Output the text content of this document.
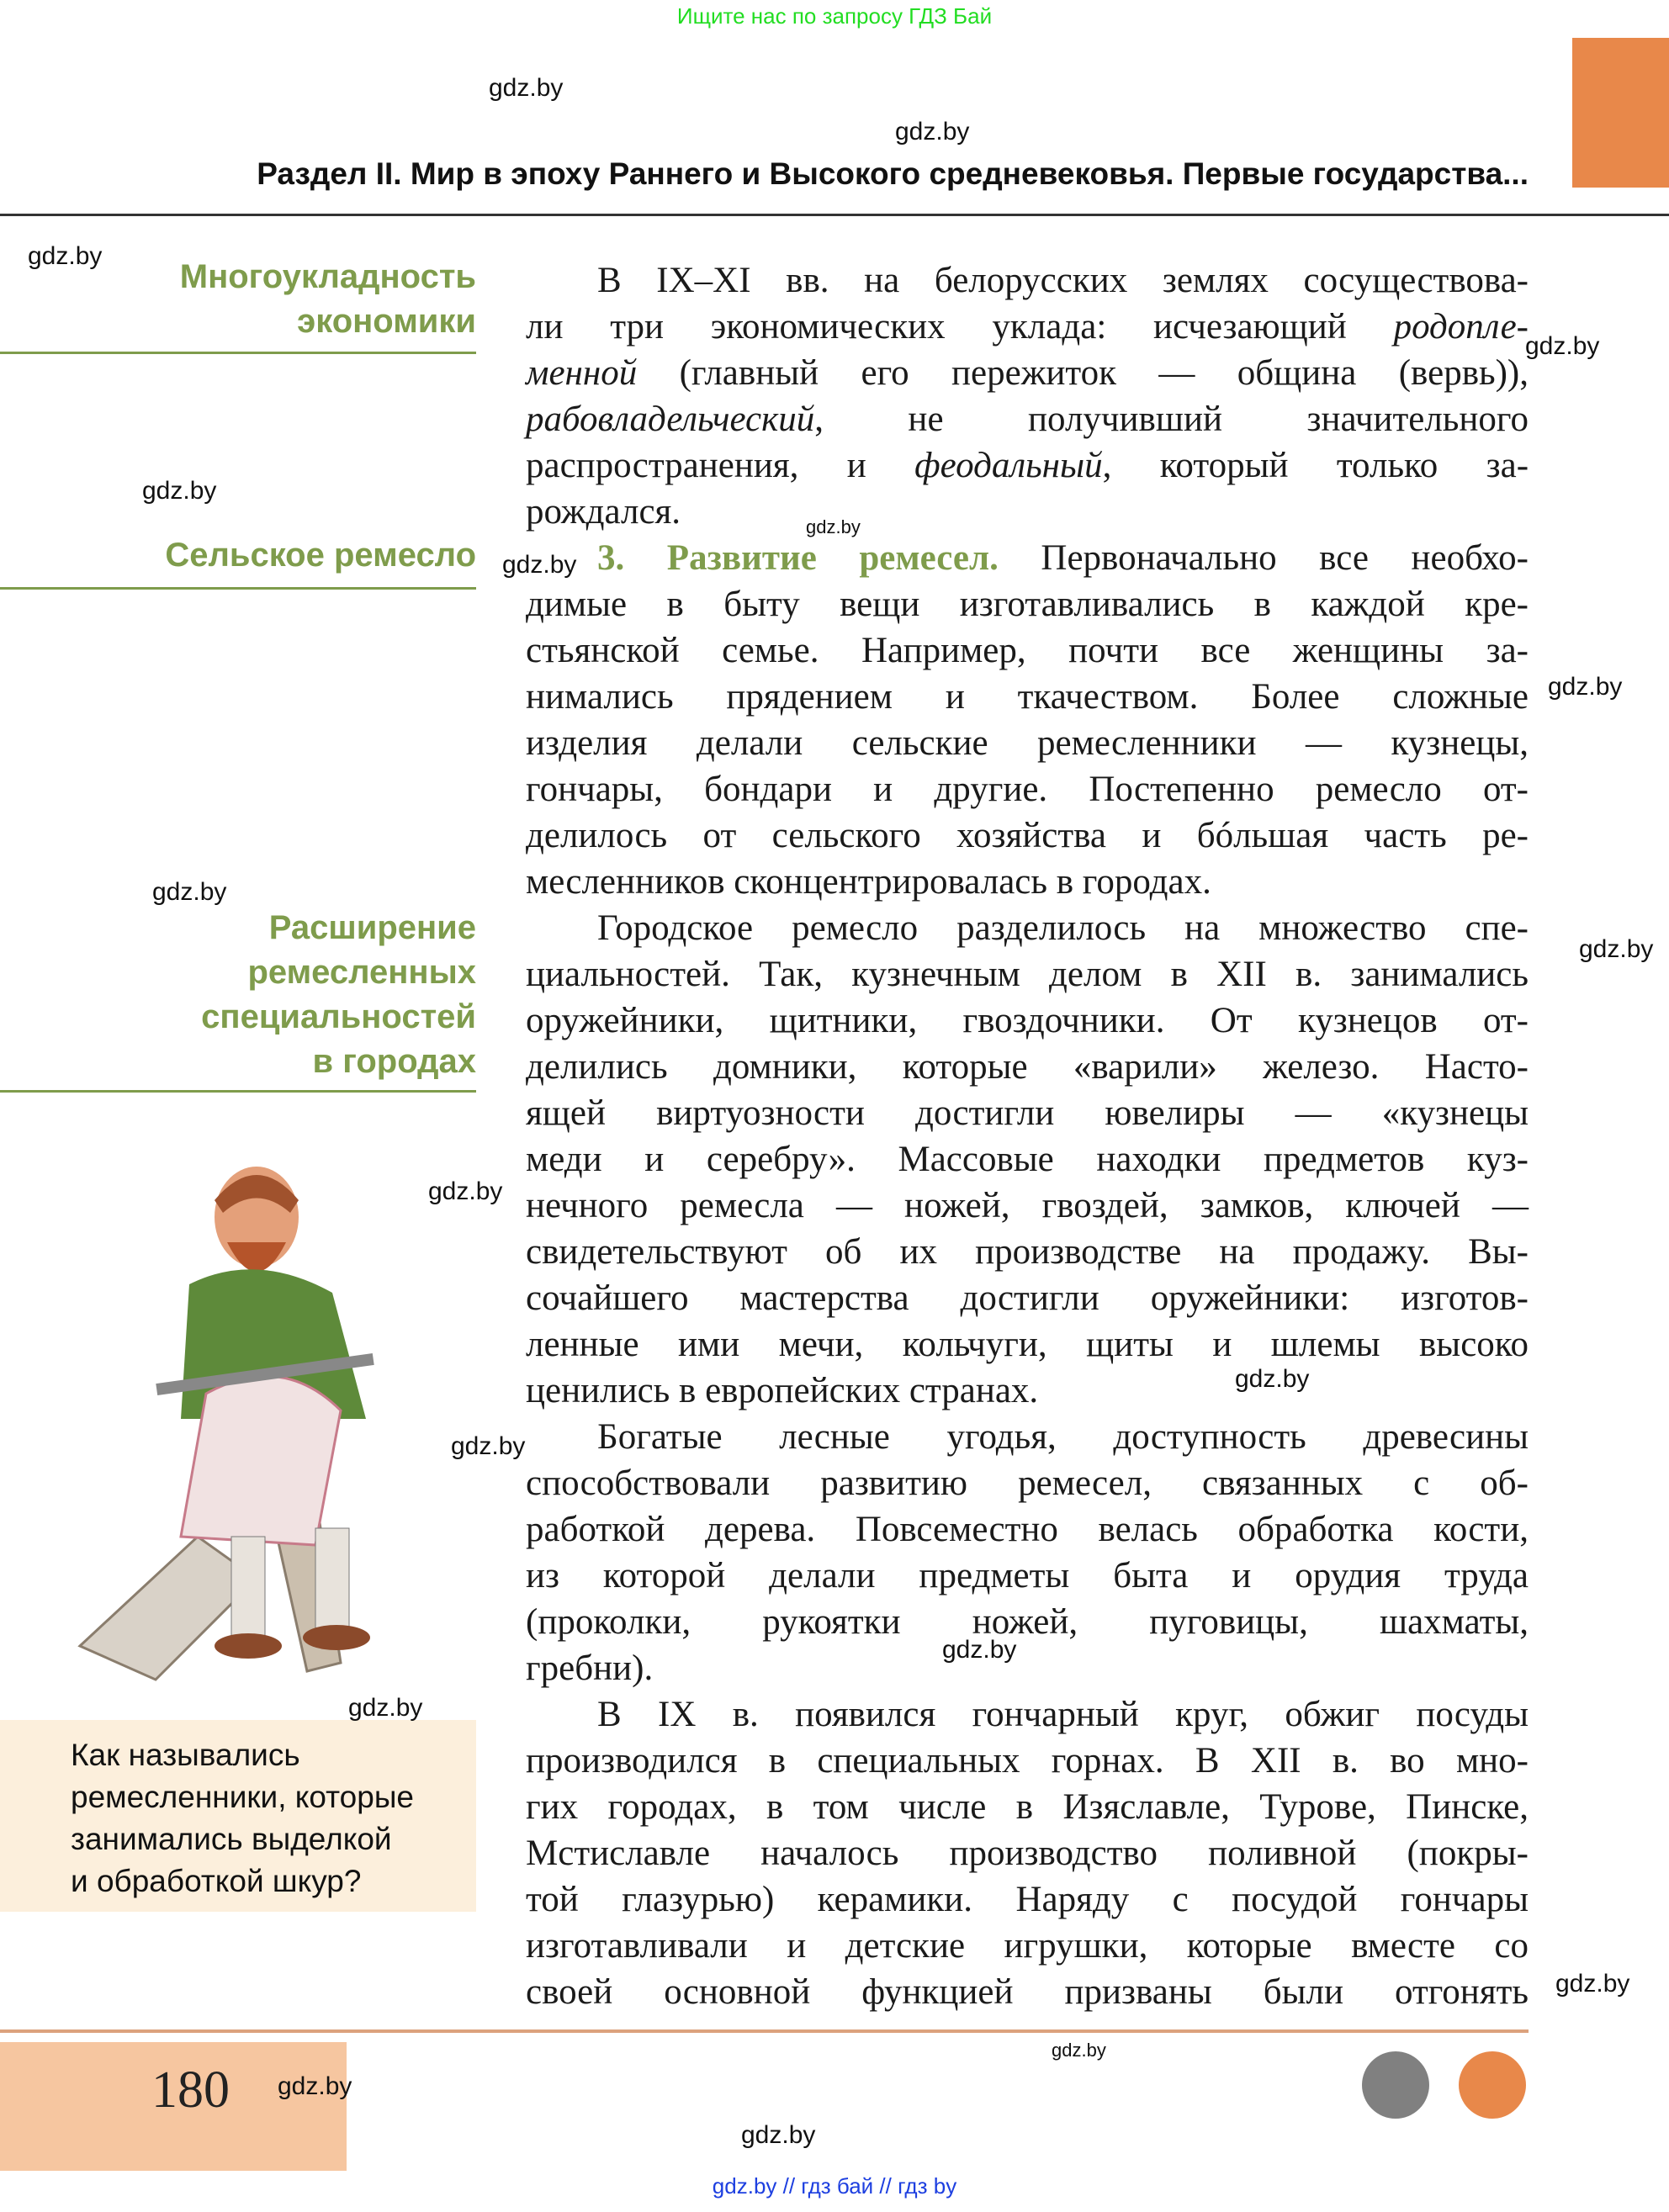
Ищите нас по запросу ГДЗ Бай
Раздел II. Мир в эпоху Раннего и Высокого средневековья. Первые государства...
Многоукладность
экономики
Сельское ремесло
Расширение
ремесленных
специальностей
в городах
Как назывались
ремесленники, которые
занимались выделкой
и обработкой шкур?
В IX–XI вв. на белорусских землях сосуществова-
ли три экономических уклада: исчезающий родопле-
менной (главный его пережиток — община (вервь)),
рабовладельческий, не получивший значительного
распространения, и феодальный, который только за-
рождался.
3. Развитие ремесел. Первоначально все необхо-
димые в быту вещи изготавливались в каждой кре-
стьянской семье. Например, почти все женщины за-
нимались прядением и ткачеством. Более сложные
изделия делали сельские ремесленники — кузнецы,
гончары, бондари и другие. Постепенно ремесло от-
делилось от сельского хозяйства и бóльшая часть ре-
месленников сконцентрировалась в городах.
Городское ремесло разделилось на множество спе-
циальностей. Так, кузнечным делом в XII в. занимались
оружейники, щитники, гвоздочники. От кузнецов от-
делились домники, которые «варили» железо. Насто-
ящей виртуозности достигли ювелиры — «кузнецы
меди и серебру». Массовые находки предметов куз-
нечного ремесла — ножей, гвоздей, замков, ключей —
свидетельствуют об их производстве на продажу. Вы-
сочайшего мастерства достигли оружейники: изготов-
ленные ими мечи, кольчуги, щиты и шлемы высоко
ценились в европейских странах.
Богатые лесные угодья, доступность древесины
способствовали развитию ремесел, связанных с об-
работкой дерева. Повсеместно велась обработка кости,
из которой делали предметы быта и орудия труда
(проколки, рукоятки ножей, пуговицы, шахматы,
гребни).
В IX в. появился гончарный круг, обжиг посуды
производился в специальных горнах. В XII в. во мно-
гих городах, в том числе в Изяславле, Турове, Пинске,
Мстиславле началось производство поливной (покры-
той глазурью) керамики. Наряду с посудой гончары
изготавливали и детские игрушки, которые вместе со
своей основной функцией призваны были отгонять
180
gdz.by // гдз бай // гдз by
gdz.by
gdz.by
gdz.by
gdz.by
gdz.by
gdz.by
gdz.by
gdz.by
gdz.by
gdz.by
gdz.by
gdz.by
gdz.by
gdz.by
gdz.by
gdz.by
gdz.by
gdz.by
gdz.by
